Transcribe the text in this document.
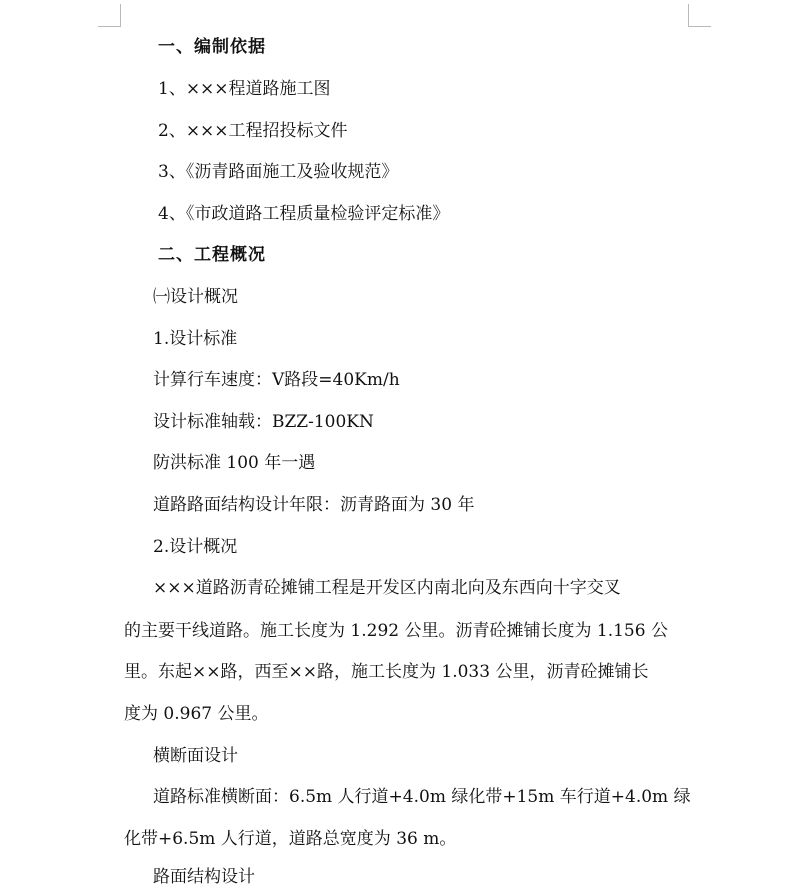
一、编制依据
1、×××程道路施工图
2、×××工程招投标文件
3、《沥青路面施工及验收规范》
4、《市政道路工程质量检验评定标准》
二、工程概况
㈠设计概况
1.设计标准
计算行车速度：V路段=40Km/h
设计标准轴载：BZZ-100KN
防洪标准 100 年一遇
道路路面结构设计年限：沥青路面为 30 年
2.设计概况
×××道路沥青砼摊铺工程是开发区内南北向及东西向十字交叉
的主要干线道路。施工长度为 1.292 公里。沥青砼摊铺长度为 1.156 公
里。东起××路，西至××路，施工长度为 1.033 公里，沥青砼摊铺长
度为 0.967 公里。
横断面设计
道路标准横断面：6.5m 人行道+4.0m 绿化带+15m 车行道+4.0m 绿
化带+6.5m 人行道，道路总宽度为 36 m。
路面结构设计
